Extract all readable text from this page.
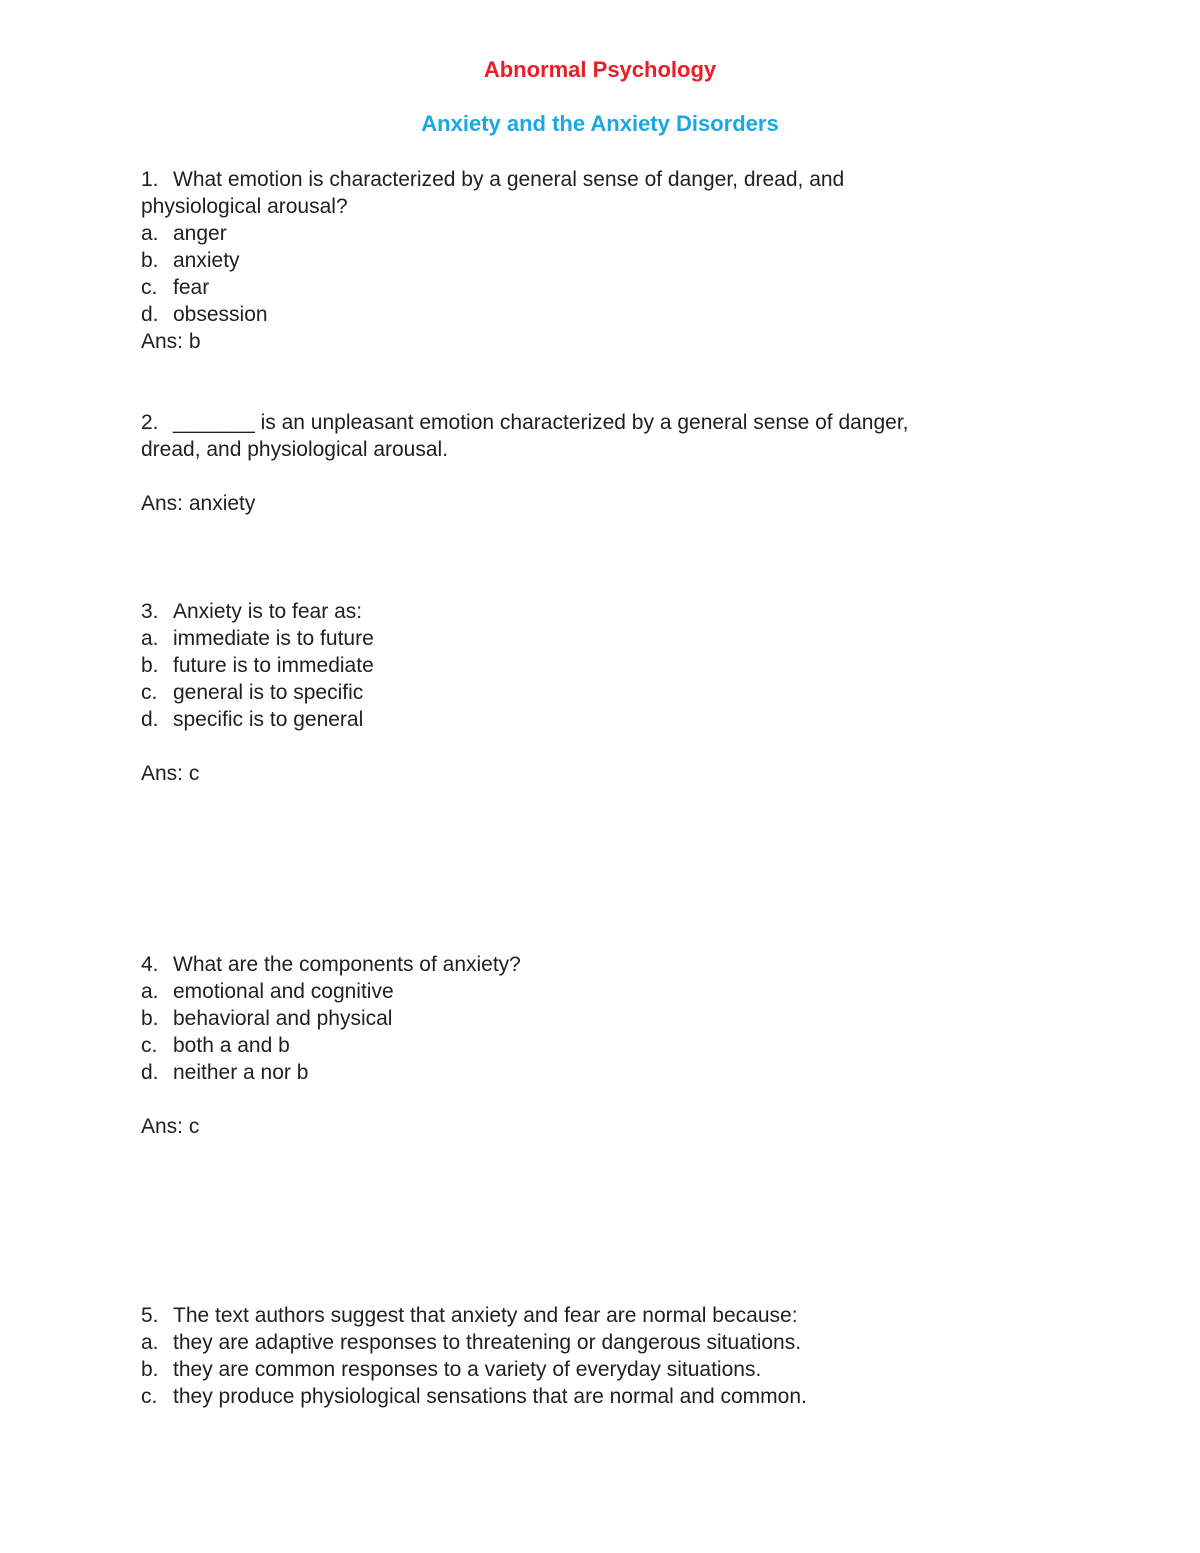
Abnormal Psychology
Anxiety and the Anxiety Disorders

1. What emotion is characterized by a general sense of danger, dread, and

physiological arousal?

a. anger

b. anxiety

c. fear

d. obsession

Ans: b

2. _______ is an unpleasant emotion characterized by a general sense of danger,

dread, and physiological arousal.

Ans: anxiety

3. Anxiety is to fear as:

a. immediate is to future

b. future is to immediate

c. general is to specific

d. specific is to general

Ans: c

4. What are the components of anxiety?

a. emotional and cognitive

b. behavioral and physical

c. both a and b

d. neither a nor b

Ans: c

5. The text authors suggest that anxiety and fear are normal because:

a. they are adaptive responses to threatening or dangerous situations.

b. they are common responses to a variety of everyday situations.

c. they produce physiological sensations that are normal and common.
